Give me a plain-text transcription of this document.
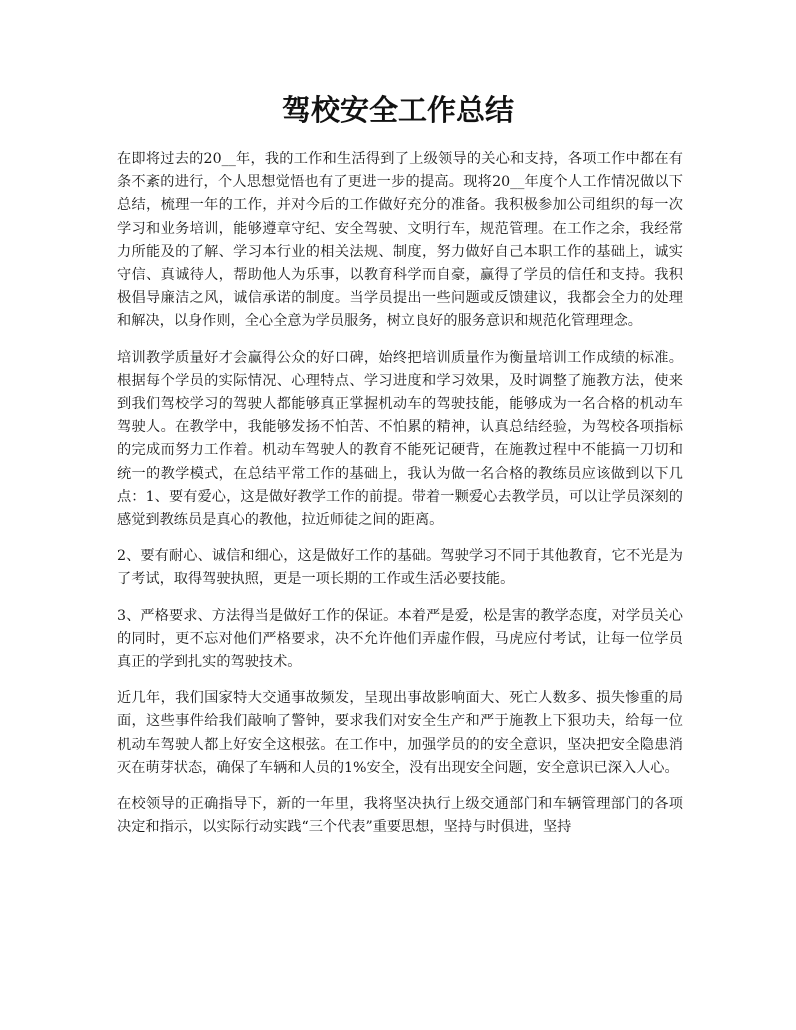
驾校安全工作总结

在即将过去的20__年，我的工作和生活得到了上级领导的关心和支持，各项工作中都在有条不紊的进行，个人思想觉悟也有了更进一步的提高。现将20__年度个人工作情况做以下总结，梳理一年的工作，并对今后的工作做好充分的准备。我积极参加公司组织的每一次学习和业务培训，能够遵章守纪、安全驾驶、文明行车，规范管理。在工作之余，我经常力所能及的了解、学习本行业的相关法规、制度，努力做好自己本职工作的基础上，诚实守信、真诚待人，帮助他人为乐事，以教育科学而自豪，赢得了学员的信任和支持。我积极倡导廉洁之风，诚信承诺的制度。当学员提出一些问题或反馈建议，我都会全力的处理和解决，以身作则，全心全意为学员服务，树立良好的服务意识和规范化管理理念。

培训教学质量好才会赢得公众的好口碑，始终把培训质量作为衡量培训工作成绩的标准。根据每个学员的实际情况、心理特点、学习进度和学习效果，及时调整了施教方法，使来到我们驾校学习的驾驶人都能够真正掌握机动车的驾驶技能，能够成为一名合格的机动车驾驶人。在教学中，我能够发扬不怕苦、不怕累的精神，认真总结经验，为驾校各项指标的完成而努力工作着。机动车驾驶人的教育不能死记硬背，在施教过程中不能搞一刀切和统一的教学模式，在总结平常工作的基础上，我认为做一名合格的教练员应该做到以下几点：1、要有爱心，这是做好教学工作的前提。带着一颗爱心去教学员，可以让学员深刻的感觉到教练员是真心的教他，拉近师徒之间的距离。

2、要有耐心、诚信和细心，这是做好工作的基础。驾驶学习不同于其他教育，它不光是为了考试，取得驾驶执照，更是一项长期的工作或生活必要技能。

3、严格要求、方法得当是做好工作的保证。本着严是爱，松是害的教学态度，对学员关心的同时，更不忘对他们严格要求，决不允许他们弄虚作假，马虎应付考试，让每一位学员真正的学到扎实的驾驶技术。

近几年，我们国家特大交通事故频发，呈现出事故影响面大、死亡人数多、损失惨重的局面，这些事件给我们敲响了警钟，要求我们对安全生产和严于施教上下狠功夫，给每一位机动车驾驶人都上好安全这根弦。在工作中，加强学员的的安全意识，坚决把安全隐患消灭在萌芽状态，确保了车辆和人员的1%安全，没有出现安全问题，安全意识已深入人心。

在校领导的正确指导下，新的一年里，我将坚决执行上级交通部门和车辆管理部门的各项决定和指示，以实际行动实践“三个代表”重要思想，坚持与时俱进，坚持
